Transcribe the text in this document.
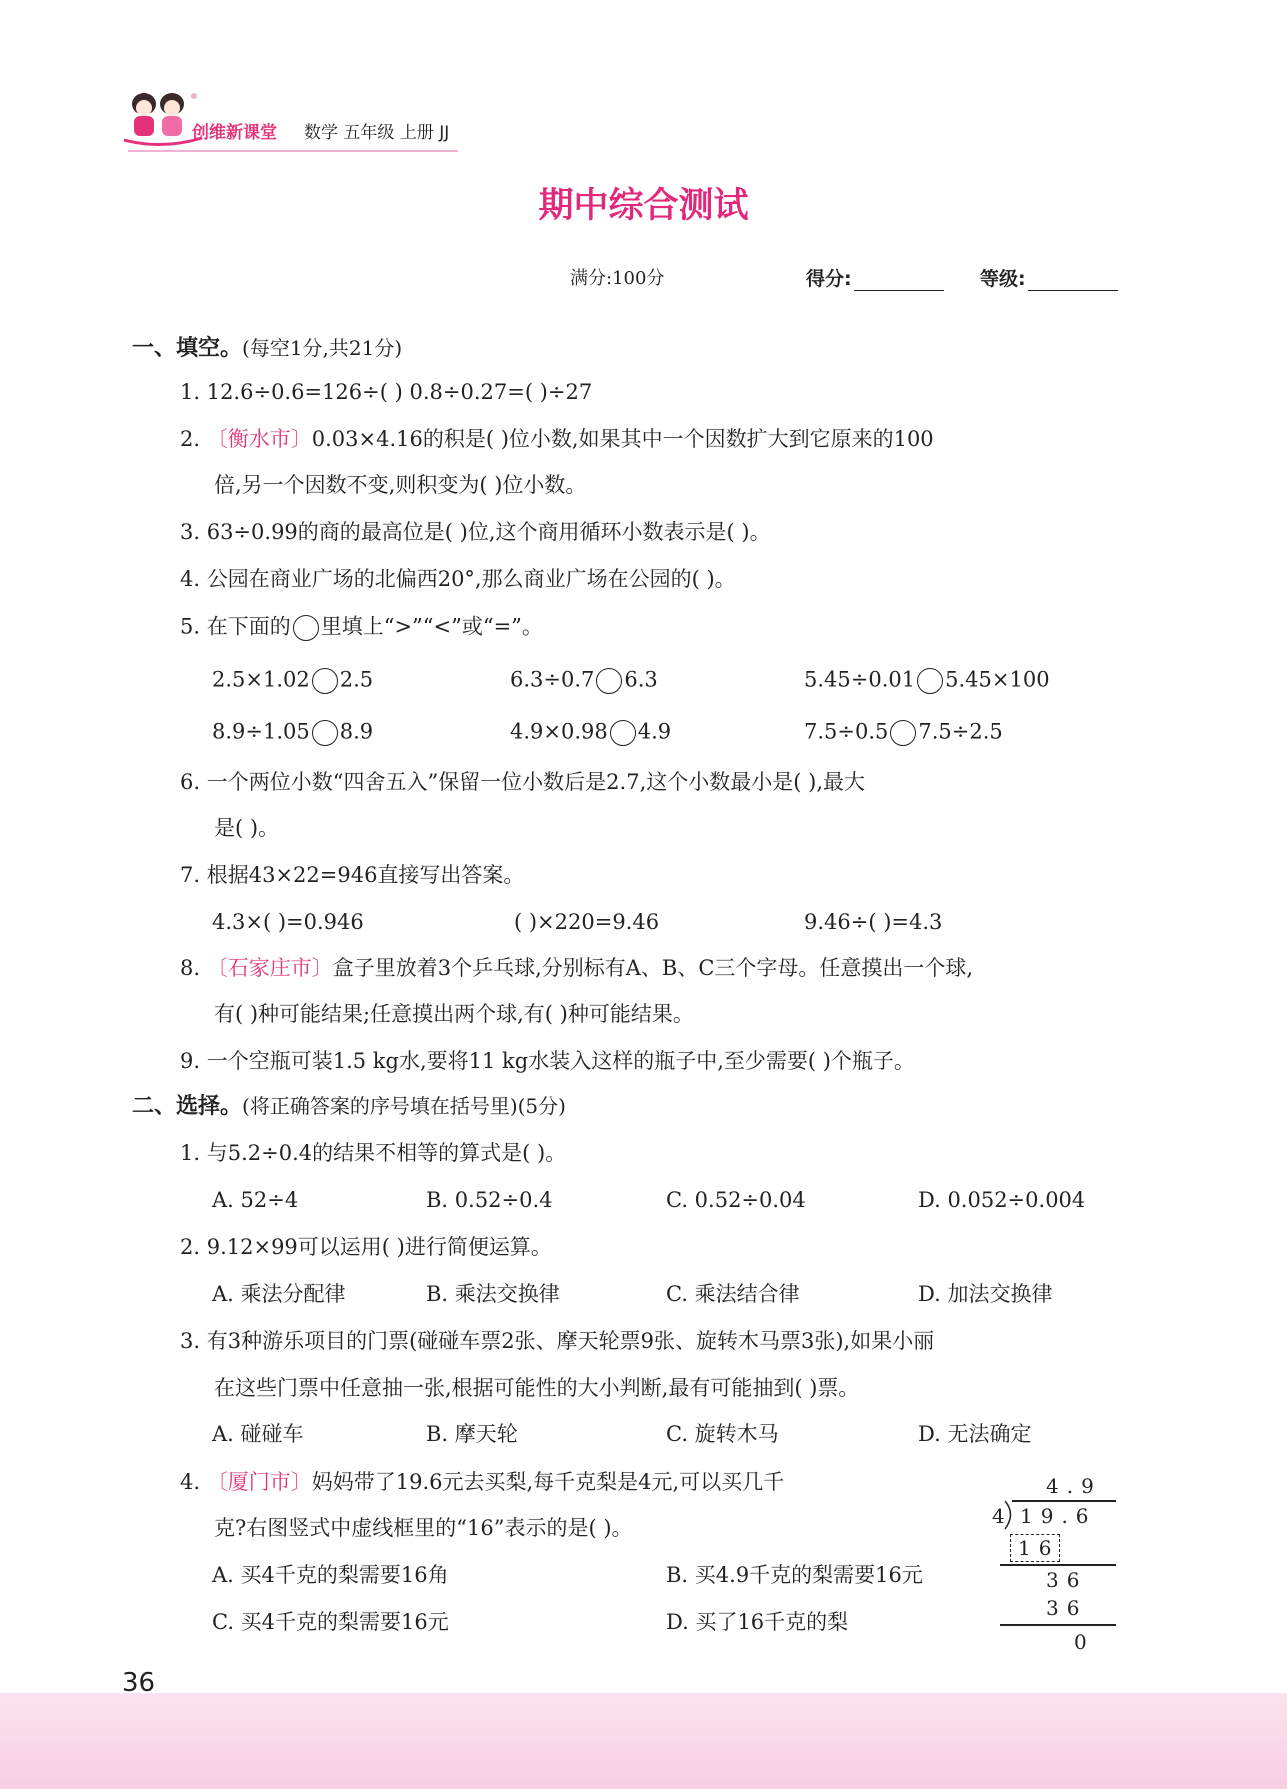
创维新课堂 数学 五年级 上册 JJ
期中综合测试
满分:100分	得分:	等级:
一、填空。(每空1分,共21分)
1. 12.6÷0.6=126÷( ) 0.8÷0.27=( )÷27
2. 〔衡水市〕0.03×4.16的积是( )位小数,如果其中一个因数扩大到它原来的100
倍,另一个因数不变,则积变为( )位小数。
3. 63÷0.99的商的最高位是( )位,这个商用循环小数表示是( )。
4. 公园在商业广场的北偏西20°,那么商业广场在公园的( )。
5. 在下面的 里填上“>”“<”或“=”。
2.5×1.02 2.5	6.3÷0.7 6.3	5.45÷0.01 5.45×100
8.9÷1.05 8.9	4.9×0.98 4.9	7.5÷0.5 7.5÷2.5
6. 一个两位小数“四舍五入”保留一位小数后是2.7,这个小数最小是( ),最大
是( )。
7. 根据43×22=946直接写出答案。
4.3×( )=0.946	( )×220=9.46	9.46÷( )=4.3
8. 〔石家庄市〕盒子里放着3个乒乓球,分别标有A、B、C三个字母。任意摸出一个球,
有( )种可能结果;任意摸出两个球,有( )种可能结果。
9. 一个空瓶可装1.5 kg水,要将11 kg水装入这样的瓶子中,至少需要( )个瓶子。
二、选择。(将正确答案的序号填在括号里)(5分)
1. 与5.2÷0.4的结果不相等的算式是( )。
A. 52÷4	B. 0.52÷0.4	C. 0.52÷0.04	D. 0.052÷0.004
2. 9.12×99可以运用( )进行简便运算。
A. 乘法分配律	B. 乘法交换律	C. 乘法结合律	D. 加法交换律
3. 有3种游乐项目的门票(碰碰车票2张、摩天轮票9张、旋转木马票3张),如果小丽
在这些门票中任意抽一张,根据可能性的大小判断,最有可能抽到( )票。
A. 碰碰车	B. 摩天轮	C. 旋转木马	D. 无法确定
4. 〔厦门市〕妈妈带了19.6元去买梨,每千克梨是4元,可以买几千
克?右图竖式中虚线框里的“16”表示的是( )。
A. 买4千克的梨需要16角	B. 买4.9千克的梨需要16元
C. 买4千克的梨需要16元	D. 买了16千克的梨
4.9
4 19.6
16
36
36
0
36
